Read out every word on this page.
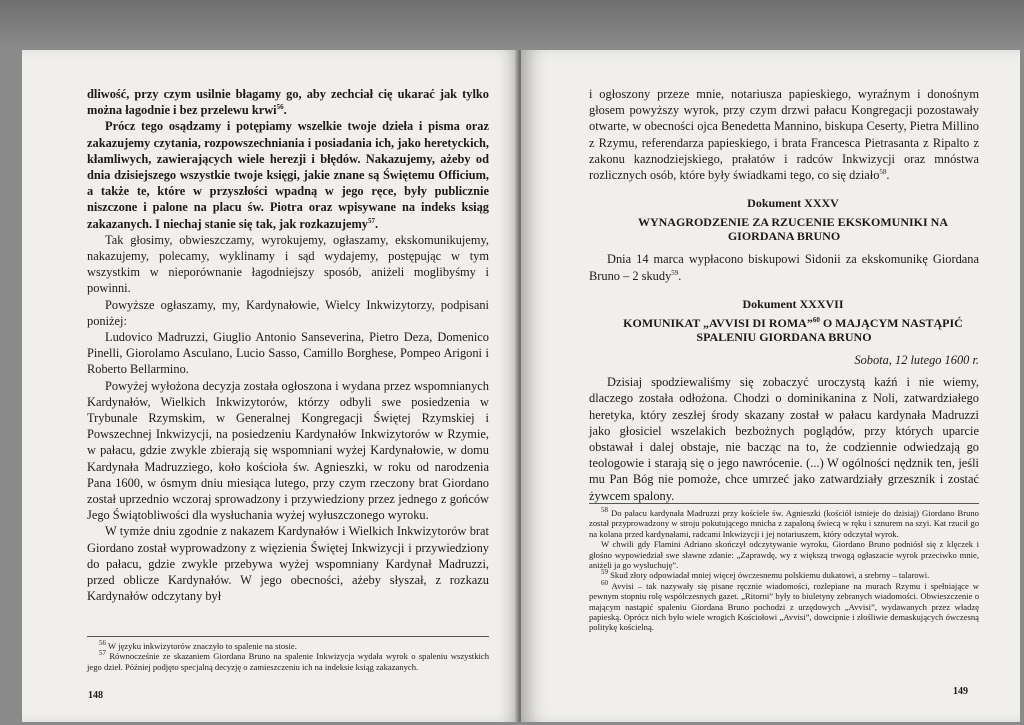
dliwość, przy czym usilnie błagamy go, aby zechciał cię ukarać jak tylko można łagodnie i bez przelewu krwi$^{56}$.

Prócz tego osądzamy i potępiamy wszelkie twoje dzieła i pisma oraz zakazujemy czytania, rozpowszechniania i posiadania ich, jako heretyckich, kłamliwych, zawierających wiele herezji i błędów. Nakazujemy, ażeby od dnia dzisiejszego wszystkie twoje księgi, jakie znane są Świętemu Officium, a także te, które w przyszłości wpadną w jego ręce, były publicznie niszczone i palone na placu św. Piotra oraz wpisywane na indeks ksiąg zakazanych. I niechaj stanie się tak, jak rozkazujemy$^{57}$.

Tak głosimy, obwieszczamy, wyrokujemy, ogłaszamy, ekskomunikujemy, nakazujemy, polecamy, wyklinamy i sąd wydajemy, postępując w tym wszystkim w nieporównanie łagodniejszy sposób, aniżeli moglibyśmy i powinni.

Powyższe ogłaszamy, my, Kardynałowie, Wielcy Inkwizytorzy, podpisani poniżej:

Ludovico Madruzzi, Giuglio Antonio Sanseverina, Pietro Deza, Domenico Pinelli, Giorolamo Asculano, Lucio Sasso, Camillo Borghese, Pompeo Arigoni i Roberto Bellarmino.

Powyżej wyłożona decyzja została ogłoszona i wydana przez wspomnianych Kardynałów, Wielkich Inkwizytorów, którzy odbyli swe posiedzenia w Trybunale Rzymskim, w Generalnej Kongregacji Świętej Rzymskiej i Powszechnej Inkwizycji, na posiedzeniu Kardynałów Inkwizytorów w Rzymie, w pałacu, gdzie zwykle zbierają się wspomniani wyżej Kardynałowie, w domu Kardynała Madruzziego, koło kościoła św. Agnieszki, w roku od narodzenia Pana 1600, w ósmym dniu miesiąca lutego, przy czym rzeczony brat Giordano został uprzednio wczoraj sprowadzony i przywiedziony przez jednego z gońców Jego Świątobliwości dla wysłuchania wyżej wyłuszczonego wyroku.

W tymże dniu zgodnie z nakazem Kardynałów i Wielkich Inkwizytorów brat Giordano został wyprowadzony z więzienia Świętej Inkwizycji i przywiedziony do pałacu, gdzie zwykle przebywa wyżej wspomniany Kardynał Madruzzi, przed oblicze Kardynałów. W jego obecności, ażeby słyszał, z rozkazu Kardynałów odczytany był

$^{56}$ W języku inkwizytorów znaczyło to spalenie na stosie.

$^{57}$ Równocześnie ze skazaniem Giordana Bruno na spalenie Inkwizycja wydała wyrok o spaleniu wszystkich jego dzieł. Później podjęto specjalną decyzję o zamieszczeniu ich na indeksie ksiąg zakazanych.

148

i ogłoszony przeze mnie, notariusza papieskiego, wyraźnym i donośnym głosem powyższy wyrok, przy czym drzwi pałacu Kongregacji pozostawały otwarte, w obecności ojca Benedetta Mannino, biskupa Ceserty, Pietra Millino z Rzymu, referendarza papieskiego, i brata Francesca Pietrasanta z Ripalto z zakonu kaznodziejskiego, prałatów i radców Inkwizycji oraz mnóstwa rozlicznych osób, które były świadkami tego, co się działo$^{58}$.

Dokument XXXV

WYNAGRODZENIE ZA RZUCENIE EKSKOMUNIKI NA GIORDANA BRUNO

Dnia 14 marca wypłacono biskupowi Sidonii za ekskomunikę Giordana Bruno – 2 skudy$^{59}$.

Dokument XXXVII

KOMUNIKAT „AVVISI DI ROMA”$^{60}$ O MAJĄCYM NASTĄPIĆ SPALENIU GIORDANA BRUNO

Sobota, 12 lutego 1600 r.

Dzisiaj spodziewaliśmy się zobaczyć uroczystą kaźń i nie wiemy, dlaczego została odłożona. Chodzi o dominikanina z Noli, zatwardziałego heretyka, który zeszłej środy skazany został w pałacu kardynała Madruzzi jako głosiciel wszelakich bezbożnych poglądów, przy których uparcie obstawał i dalej obstaje, nie bacząc na to, że codziennie odwiedzają go teologowie i starają się o jego nawrócenie. (...) W ogólności nędznik ten, jeśli mu Pan Bóg nie pomoże, chce umrzeć jako zatwardziały grzesznik i zostać żywcem spalony.

$^{58}$ Do pałacu kardynała Madruzzi przy kościele św. Agnieszki (kościół istnieje do dzisiaj) Giordano Bruno został przyprowadzony w stroju pokutującego mnicha z zapaloną świecą w ręku i sznurem na szyi. Kat rzucił go na kolana przed kardynałami, radcami Inkwizycji i jej notariuszem, który odczytał wyrok.

W chwili gdy Flamini Adriano skończył odczytywanie wyroku, Giordano Bruno podniósł się z klęczek i głośno wypowiedział swe sławne zdanie: „Zaprawdę, wy z większą trwogą ogłaszacie wyrok przeciwko mnie, aniżeli ja go wysłuchuję”.

$^{59}$ Skud złoty odpowiadał mniej więcej ówczesnemu polskiemu dukatowi, a srebrny – talarowi.

$^{60}$ Avvisi – tak nazywały się pisane ręcznie wiadomości, rozlepiane na murach Rzymu i spełniające w pewnym stopniu rolę współczesnych gazet. „Ritorni” były to biuletyny zebranych wiadomości. Obwieszczenie o mającym nastąpić spaleniu Giordana Bruno pochodzi z urzędowych „Avvisi”, wydawanych przez władzę papieską. Oprócz nich było wiele wrogich Kościołowi „Avvisi”, dowcipnie i złośliwie demaskujących ówczesną politykę kościelną.

149
